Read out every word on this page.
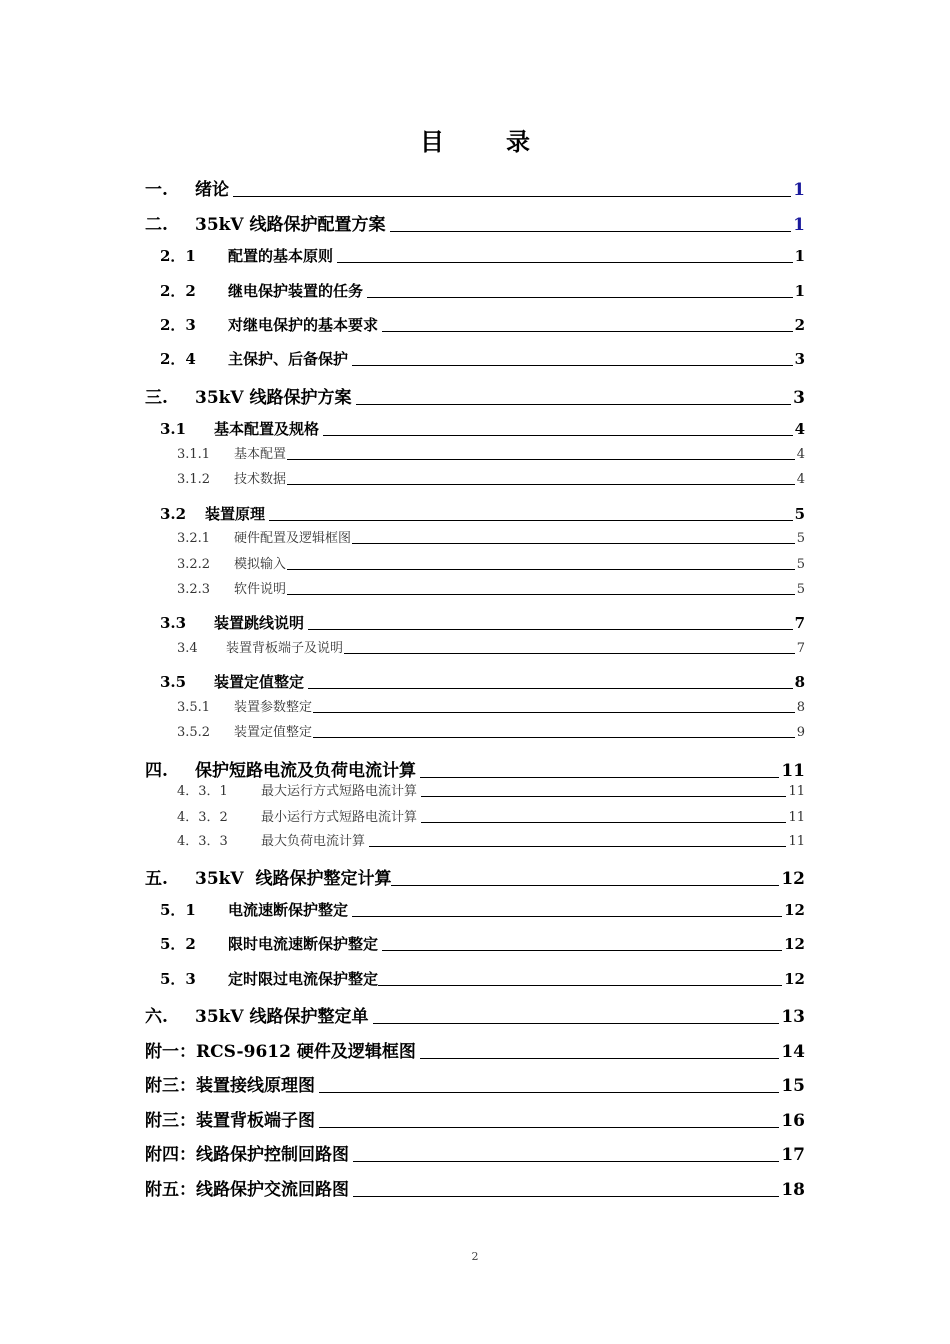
目	录
一.	绪论	1
二.	35kV 线路保护配置方案	1
2．1	配置的基本原则	1
2．2	继电保护装置的任务	1
2．3	对继电保护的基本要求	2
2．4	主保护、后备保护	3
三.	35kV 线路保护方案	3
3.1	基本配置及规格	4
3.1.1	基本配置	4
3.1.2	技术数据	4
3.2	装置原理	5
3.2.1	硬件配置及逻辑框图	5
3.2.2	模拟输入	5
3.2.3	软件说明	5
3.3	装置跳线说明	7
3.4	装置背板端子及说明	7
3.5	装置定值整定	8
3.5.1	装置参数整定	8
3.5.2	装置定值整定	9
四.	保护短路电流及负荷电流计算	11
4．3．1	最大运行方式短路电流计算	11
4．3．2	最小运行方式短路电流计算	11
4．3．3	最大负荷电流计算	11
五.	35kV  线路保护整定计算	12
5．1	电流速断保护整定	12
5．2	限时电流速断保护整定	12
5．3	定时限过电流保护整定	12
六.	35kV 线路保护整定单	13
附一：RCS-9612 硬件及逻辑框图	14
附三：装置接线原理图	15
附三：装置背板端子图	16
附四：线路保护控制回路图	17
附五：线路保护交流回路图	18
2
